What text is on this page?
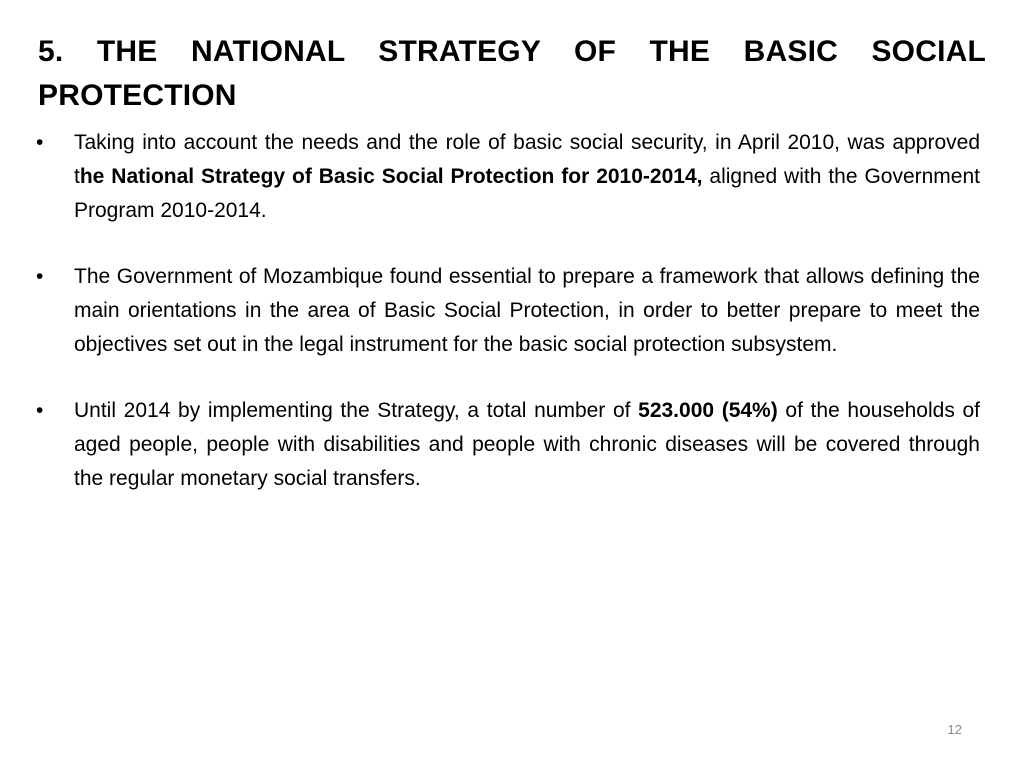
5. THE NATIONAL STRATEGY OF THE BASIC SOCIAL PROTECTION
•	Taking into account the needs and the role of basic social security, in April 2010, was approved the National Strategy of Basic Social Protection for 2010-2014, aligned with the Government Program 2010-2014.
•	The Government of Mozambique found essential to prepare a framework that allows defining the main orientations in the area of Basic Social Protection, in order to better prepare to meet the objectives set out in the legal instrument for the basic social protection subsystem.
•	Until 2014 by implementing the Strategy, a total number of 523.000 (54%) of the households of aged people, people with disabilities and people with chronic diseases will be covered through the regular monetary social transfers.
12
